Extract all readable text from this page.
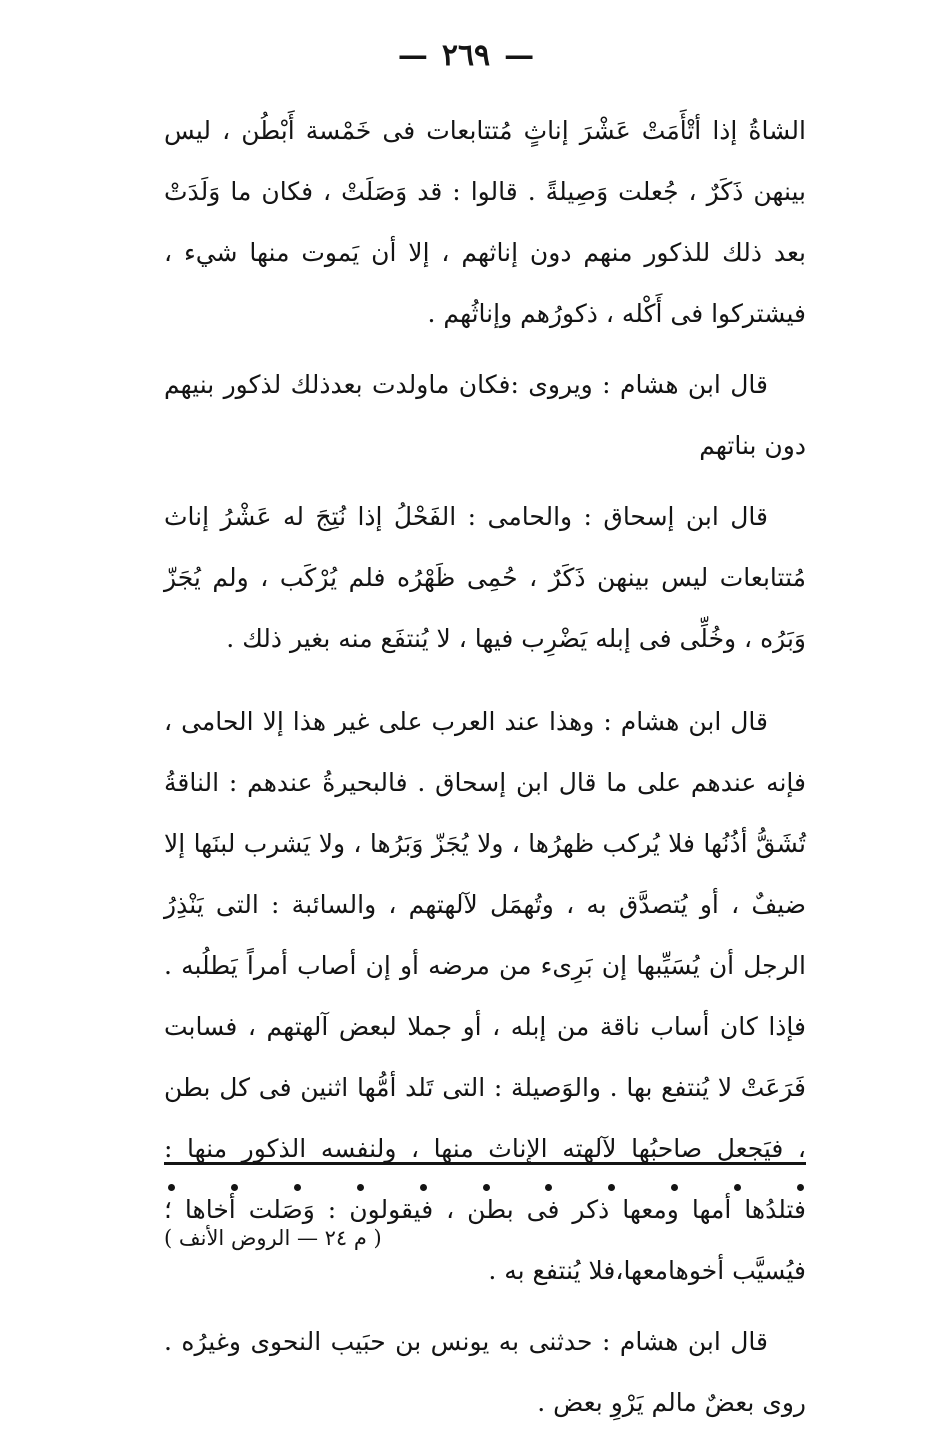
—٢٦٩—

الشاةُ إذا أتْأَمَتْ عَشْرَ إناثٍ مُتتابعات فى خَمْسة أَبْطُن ، ليس بينهن ذَكَرٌ ، جُعلت وَصِيلةً . قالوا : قد وَصَلَتْ ، فكان ما وَلَدَتْ بعد ذلك للذكور منهم دون إناثهم ، إلا أن يَموت منها شيء ، فيشتركوا فى أَكْله ، ذكورُهم وإناثُهم .

قال ابن هشام : ويروى :فكان ماولدت بعدذلك لذكور بنيهم دون بناتهم

قال ابن إسحاق : والحامى : الفَحْلُ إذا نُتِجَ له عَشْرُ إناث مُتتابعات ليس بينهن ذَكَرٌ ، حُمِى ظَهْرُه فلم يُرْكَب ، ولم يُجَزّ وَبَرُه ، وخُلِّى فى إبله يَضْرِب فيها ، لا يُنتفَع منه بغير ذلك .

قال ابن هشام : وهذا عند العرب على غير هذا إلا الحامى ، فإنه عندهم على ما قال ابن إسحاق . فالبحيرةُ عندهم : الناقةُ تُشَقُّ أذُنُها فلا يُركب ظهرُها ، ولا يُجَزّ وَبَرُها ، ولا يَشرب لبنَها إلا ضيفٌ ، أو يُتصدَّق به ، وتُهمَل لآلهتهم ، والسائبة : التى يَنْذِرُ الرجل أن يُسَيِّبها إن بَرِىء من مرضه أو إن أصاب أمراً يَطلُبه . فإذا كان أساب ناقة من إبله ، أو جملا لبعض آلهتهم ، فسابت فَرَعَتْ لا يُنتفع بها . والوَصيلة : التى تَلد أمُّها اثنين فى كل بطن ، فيَجعل صاحبُها لآلهته الإناث منها ، ولنفسه الذكور منها : فتلدُها أمها ومعها ذكر فى بطن ، فيقولون : وَصَلت أخاها ؛ فيُسيَّب أخوهامعها،فلا يُنتفع به .

قال ابن هشام : حدثنى به يونس بن حبَيب النحوى وغيرُه . روى بعضٌ مالم يَرْوِ بعض .

( م ٢٤ — الروض الأنف )
